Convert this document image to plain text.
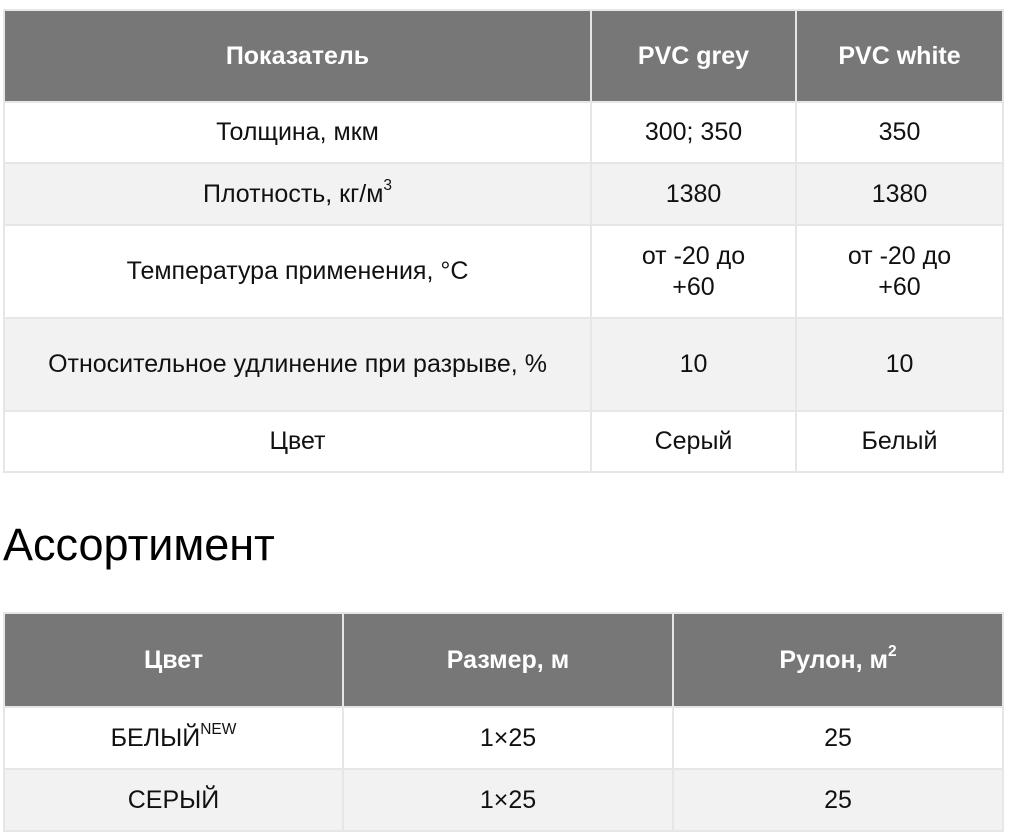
Показатель	PVC grey	PVC white
Толщина, мкм	300; 350	350
Плотность, $кг/м^3$	1380	1380
Температура применения, °C	от -20 до +60	от -20 до +60
Относительное удлинение при разрыве, %	10	10
Цвет	Серый	Белый
Ассортимент
Цвет	Размер, м	Рулон, $м^2$
$БЕЛЫЙ^{NEW}$	1×25	25
СЕРЫЙ	1×25	25
